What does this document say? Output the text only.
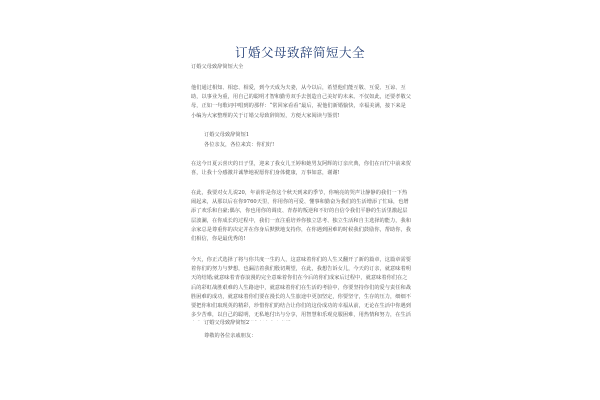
订婚父母致辞简短大全

订婚父母致辞简短大全

他们通过相知、相恋、相爱，到今天成为夫妻，从今以后，希望他们能互敬、互爱、互谅、互助，以事业为重，用自己的聪明才智和勤劳双手去创造自己美好的未来。不仅如此，还要孝敬父母，正如一句歌词中唱到的那样：“常回家看看”最后，祝他们新婚愉快，幸福美满，接下来是小编为大家整理的关于订婚父母致辞简短，方便大家阅读与鉴赏!

订婚父母致辞简短1

各位亲友，各位来宾：你们好!

在这今日夏云喜庆的日子里，迎来了我女儿王婷和她男友阿辉的订亲庆典，你们在百忙中前来贺喜，让我十分感激并诚挚地祝愿你们身体健康，万事如意，谢谢!

在此，我要对女儿说20，年前你是你这个秋天到来的季节，你响亮的哭声让静静的我们一下热闹起来，从那以后在你9760天里，你用你的可爱、懂事和勤奋为我们的生活增添了忙碌，也增添了欢乐和自豪;偶尔，你也用你的调皮、青春的叛逆和不好的自信令我们平静的生活里激起层层波澜，在你成长的过程中，我们一直注重培养你独立思考、独立生活和自主选择的能力，我和余家总是尊重你的决定并在你身后默默地支持你，在你遇到困难的时候我们鼓励你，帮助你，我们相信，你是最优秀的!

今天，你正式选择了将与你共度一生的人，这意味着你们的人生又翻开了新的篇章，这篇章需要着你们的努力与梦想，也漏洁着我们殷切期望，在此，我想告诉女儿，今天的订亲，就意味着明天的结婚;就意味着青春浪漫的完全意味着你们在今后的你们成家后过程中，就意味着你们在之后的彩虹战胜艰难的人生路途中，就意味着你们在生活的考验中，你要坚持你们的爱与责任和战胜困难的成功，就意味着你们要在漫长的人生旅途中更加坚定，你要坚守，生存的压力，细细不要把你和们取现英的精彩，珍惜你们的结合让你们的这份成功的幸福从前，无论在生活中你遇到多少苦难，以自己的聪明，无私地付出与分享，用智慧和乐观克服困难，用热情和努力，在生活

订婚父母致辞简短2

尊敬的各位亲戚朋友：
